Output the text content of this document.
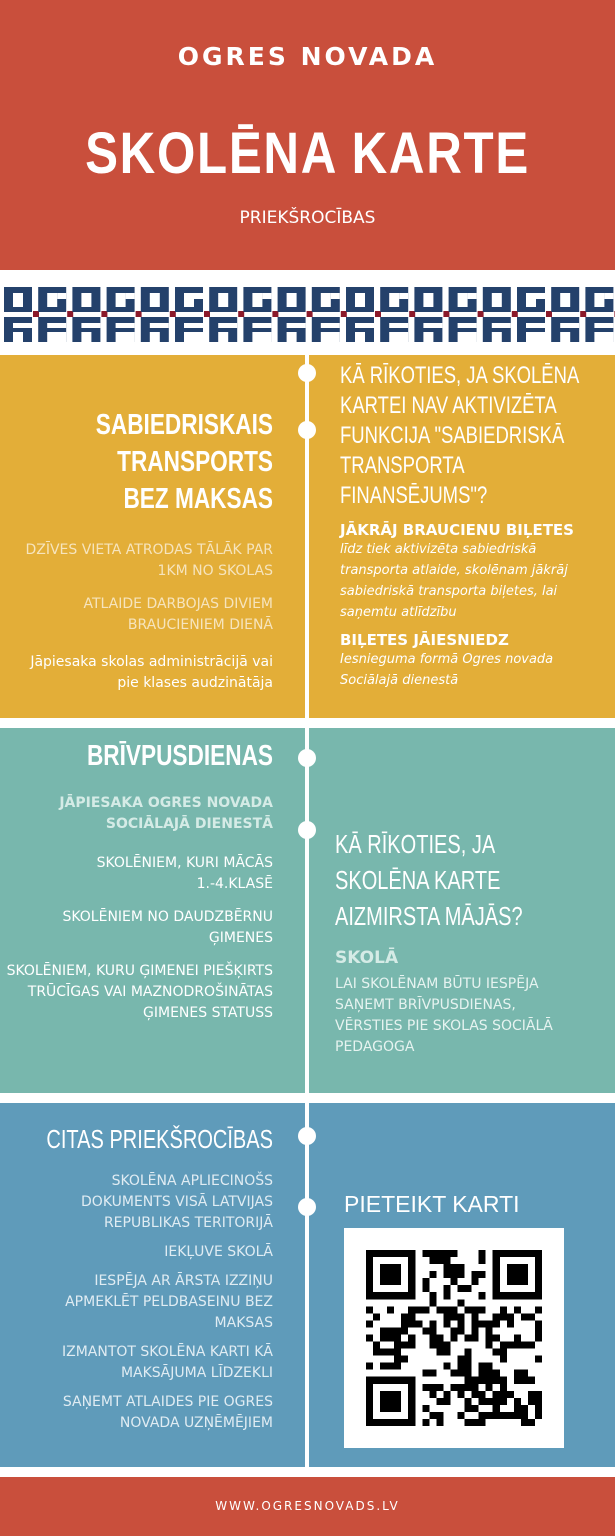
OGRES NOVADA
SKOLĒNA KARTE
PRIEKŠROCĪBAS
SABIEDRISKAIS
TRANSPORTS
BEZ MAKSAS
DZĪVES VIETA ATRODAS TĀLĀK PAR 1KM NO SKOLAS
ATLAIDE DARBOJAS DIVIEM BRAUCIENIEM DIENĀ
Jāpiesaka skolas administrācijā vai pie klases audzinātāja
KĀ RĪKOTIES, JA SKOLĒNA KARTEI NAV AKTIVIZĒTA FUNKCIJA "SABIEDRISKĀ TRANSPORTA FINANSĒJUMS"?
JĀKRĀJ BRAUCIENU BIĻETES
līdz tiek aktivizēta sabiedriskā transporta atlaide, skolēnam jākrāj sabiedriskā transporta biļetes, lai saņemtu atlīdzību
BIĻETES JĀIESNIEDZ
Iesnieguma formā Ogres novada Sociālajā dienestā
BRĪVPUSDIENAS
JĀPIESAKA OGRES NOVADA SOCIĀLAJĀ DIENESTĀ
SKOLĒNIEM, KURI MĀCĀS 1.-4.KLASĒ
SKOLĒNIEM NO DAUDZBĒRNU ĢIMENES
SKOLĒNIEM, KURU ĢIMENEI PIEŠĶIRTS TRŪCĪGAS VAI MAZNODROŠINĀTAS ĢIMENES STATUSS
KĀ RĪKOTIES, JA SKOLĒNA KARTE AIZMIRSTA MĀJĀS?
SKOLĀ
LAI SKOLĒNAM BŪTU IESPĒJA SAŅEMT BRĪVPUSDIENAS, VĒRSTIES PIE SKOLAS SOCIĀLĀ PEDAGOGA
CITAS PRIEKŠROCĪBAS
SKOLĒNA APLIECINOŠS DOKUMENTS VISĀ LATVIJAS REPUBLIKAS TERITORIJĀ
IEKĻUVE SKOLĀ
IESPĒJA AR ĀRSTA IZZIŅU APMEKLĒT PELDBASEINU BEZ MAKSAS
IZMANTOT SKOLĒNA KARTI KĀ MAKSĀJUMA LĪDZEKLI
SAŅEMT ATLAIDES PIE OGRES NOVADA UZŅĒMĒJIEM
PIETEIKT KARTI
WWW.OGRESNOVADS.LV
